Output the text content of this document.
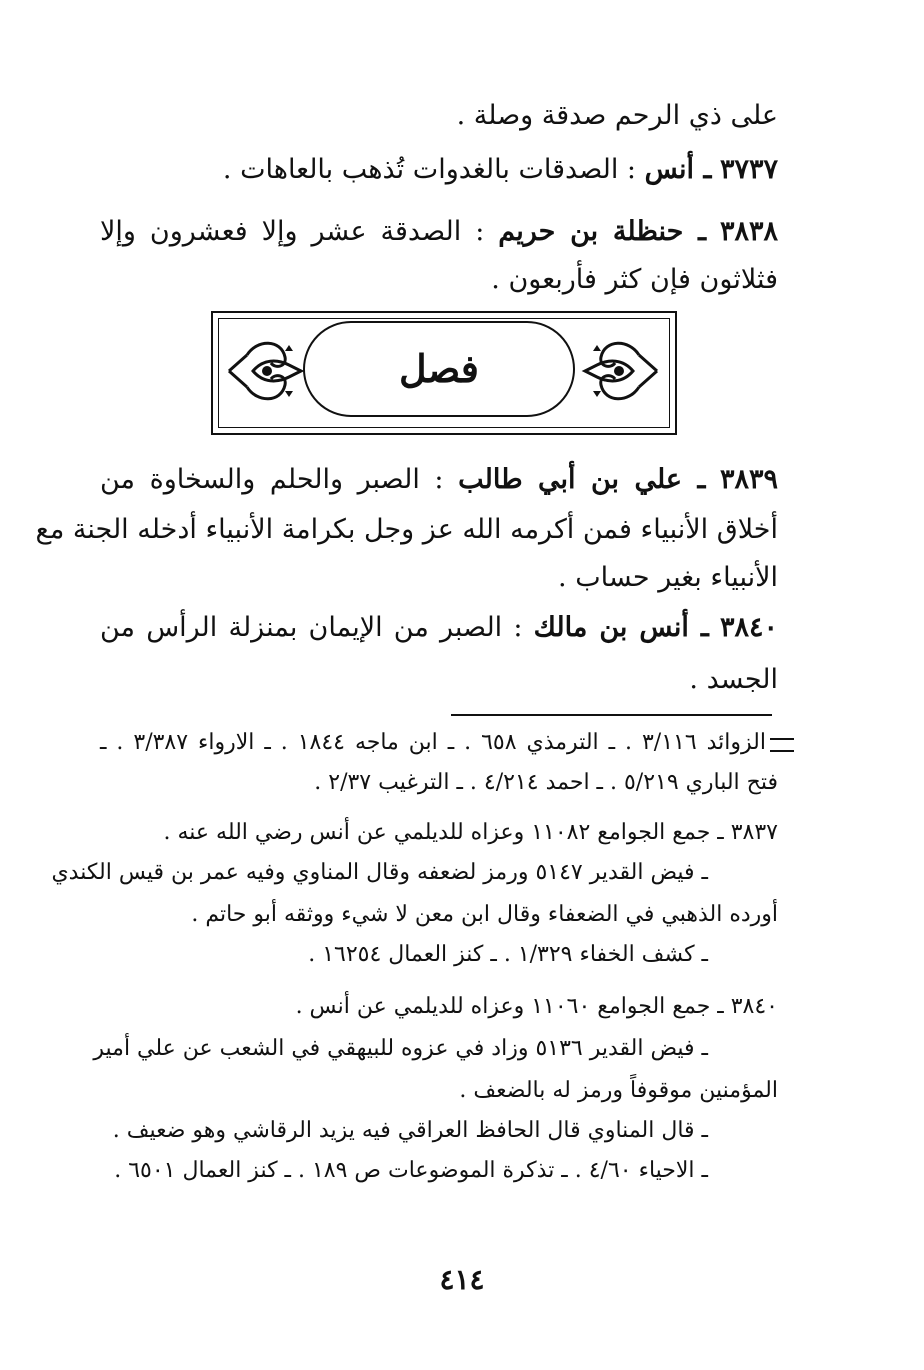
على ذي الرحم صدقة وصلة .
٣٧٣٧ ـ أنس : الصدقات بالغدوات تُذهب بالعاهات .
٣٨٣٨ ـ حنظلة بن حريم : الصدقة عشر وإلا فعشرون وإلا
فثلاثون فإن كثر فأربعون .
فصل
٣٨٣٩ ـ علي بن أبي طالب : الصبر والحلم والسخاوة من
أخلاق الأنبياء فمن أكرمه الله عز وجل بكرامة الأنبياء أدخله الجنة مع
الأنبياء بغير حساب .
٣٨٤٠ ـ أنس بن مالك : الصبر من الإيمان بمنزلة الرأس من
الجسد .
الزوائد ٣/١١٦ . ـ الترمذي ٦٥٨ . ـ ابن ماجه ١٨٤٤ . ـ الارواء ٣/٣٨٧ . ـ
فتح الباري ٥/٢١٩ . ـ احمد ٤/٢١٤ . ـ الترغيب ٢/٣٧ .
٣٨٣٧ ـ جمع الجوامع ١١٠٨٢ وعزاه للديلمي عن أنس رضي الله عنه .
ـ فيض القدير ٥١٤٧ ورمز لضعفه وقال المناوي وفيه عمر بن قيس الكندي
أورده الذهبي في الضعفاء وقال ابن معن لا شيء ووثقه أبو حاتم .
ـ كشف الخفاء ١/٣٢٩ . ـ كنز العمال ١٦٢٥٤ .
٣٨٤٠ ـ جمع الجوامع ١١٠٦٠ وعزاه للديلمي عن أنس .
ـ فيض القدير ٥١٣٦ وزاد في عزوه للبيهقي في الشعب عن علي أمير
المؤمنين موقوفاً ورمز له بالضعف .
ـ قال المناوي قال الحافظ العراقي فيه يزيد الرقاشي وهو ضعيف .
ـ الاحياء ٤/٦٠ . ـ تذكرة الموضوعات ص ١٨٩ . ـ كنز العمال ٦٥٠١ .
٤١٤
